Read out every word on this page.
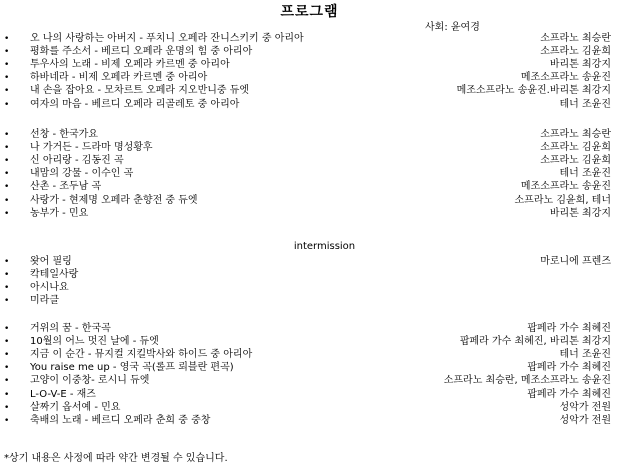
프로그램
사회: 윤여경
• 오 나의 사랑하는 아버지 - 푸치니 오페라 잔니스키키 중 아리아	소프라노 최승란
• 평화를 주소서 - 베르디 오페라 운명의 힘 중 아리아	소프라노 김윤희
• 투우사의 노래 - 비제 오페라 카르멘 중 아리아	바리톤 최강지
• 하바네라 - 비제 오페라 카르멘 중 아리아	메조소프라노 송윤진
• 내 손을 잡아요 - 모차르트 오페라 지오반니중 듀엣	메조소프라노 송윤진.바리톤 최강지
• 여자의 마음 - 베르디 오페라 리골레토 중 아리아	테너 조윤진
• 선창 - 한국가요	소프라노 최승란
• 나 가거든 - 드라마 명성황후	소프라노 김윤희
• 신 아리랑 - 김동진 곡	소프라노 김윤희
• 내맘의 강물 - 이수인 곡	테너 조윤진
• 산촌 - 조두남 곡	메조소프라노 송윤진
• 사랑가 - 현제명 오페라 춘향전 중 듀엣	소프라노 김윤희, 테너
• 농부가 - 민요	바리톤 최강지
• 왓어 필링	마로니에 프렌즈
• 칵테일사랑
• 아시나요
• 미라클
• 거위의 꿈 - 한국곡	팝페라 가수 최혜진
• 10월의 어느 멋진 날에 - 듀엣	팝페라 가수 최혜진, 바리톤 최강지
• 지금 이 순간 - 뮤지컬 지킬박사와 하이드 중 아리아	테너 조윤진
• You raise me up - 영국 곡(롤프 뢰블란 편곡)	팝페라 가수 최혜진
• 고양이 이중창- 로시니 듀엣	소프라노 최승란, 메조소프라노 송윤진
• L-O-V-E - 재즈	팝페라 가수 최혜진
• 살짜기 옵서예 - 민요	성악가 전원
• 축배의 노래 - 베르디 오페라 춘희 중 중창	성악가 전원
intermission
*상기 내용은 사정에 따라 약간 변경될 수 있습니다.
